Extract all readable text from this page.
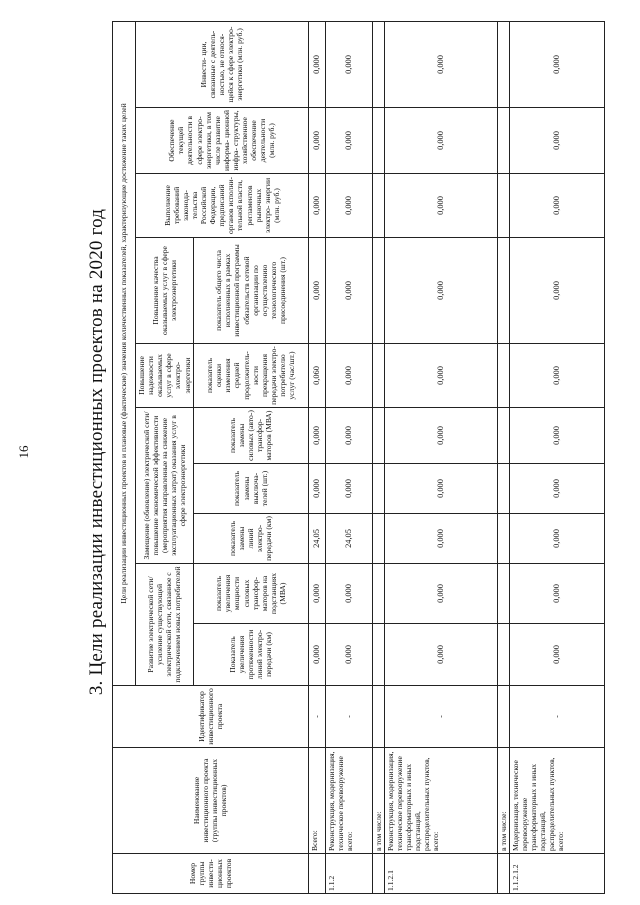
16	3. Цели реализации инвестиционных проектов на 2020 год
Номер группы инвести- ционных проектов	Наименование инвестиционного проекта (группы инвестиционных проектов)	Идентификатор инвестиционного проекта	Цели реализации инвестиционных проектов и плановые (фактические) значения количественных показателей, характеризующие достижение таких целей									
			Развитие электрической сети/усиление существующей электрической сети, связанное с подключением новых потребителей		Замещение (обновление) электрической сети/повышение экономической эффективности (мероприятия направленные на снижение эксплуатационных затрат) оказания услуг в сфере электроэнергетики			Повышение надежности оказываемых услуг в сфере электро- энергетики	Повышение качества оказываемых услуг в сфере электроэнергетики	Выполнение требований законода- тельства Российской Федерации, предписаний органов исполни- тельной власти, регламентов рыночных электро- энергии (млн. руб.)	Обеспечение текущей деятельности в сфере электро- энергетики, в том числе развитие информа- ционной инфра- структуры, хозяйственное обеспечение деятельности (млн. руб.)	Инвести- ции, связанные с деятель- ностью, не относя- щейся к сфере электро- энергетики (млн. руб.)
			Показатель увеличения протяженности линий электро- передачи (км)	показатель увеличения мощности силовых трансфор- маторов на подстанциях (МВА)	показатель замены линий электро- передачи (км)	показатель замены выключа- телей (шт.)	показатель замены силовых (авто-) трансфор- маторов (МВА)	показатель оценки изменения средней продолжитель- ности прекращения передачи электро- потребителю услуг (час/шт.)	показатель общего числа исполненных в рамках инвестиционной программы обязательств сетевой организации по осуществлению технологического присоединения (шт.)			
	Всего:	-	0,000	0,000	24,05	0,000	0,000	0,060	0,000	0,000	0,000	0,000
1.1.2	Реконструкция, модернизация, техническое перевооружение всего:	-	0,000	0,000	24,05	0,000	0,000	0,000	0,000	0,000	0,000	0,000
	в том числе:											
1.1.2.1	Реконструкция, модернизация, техническое перевооружение трансформаторных и иных подстанций, распределительных пунктов, всего:	-	0,000	0,000	0,000	0,000	0,000	0,000	0,000	0,000	0,000	0,000
	в том числе:											
1.1.2.1.2	Модернизация, техническое перевооружение трансформаторных и иных подстанций, распределительных пунктов, всего:	-	0,000	0,000	0,000	0,000	0,000	0,000	0,000	0,000	0,000	0,000
